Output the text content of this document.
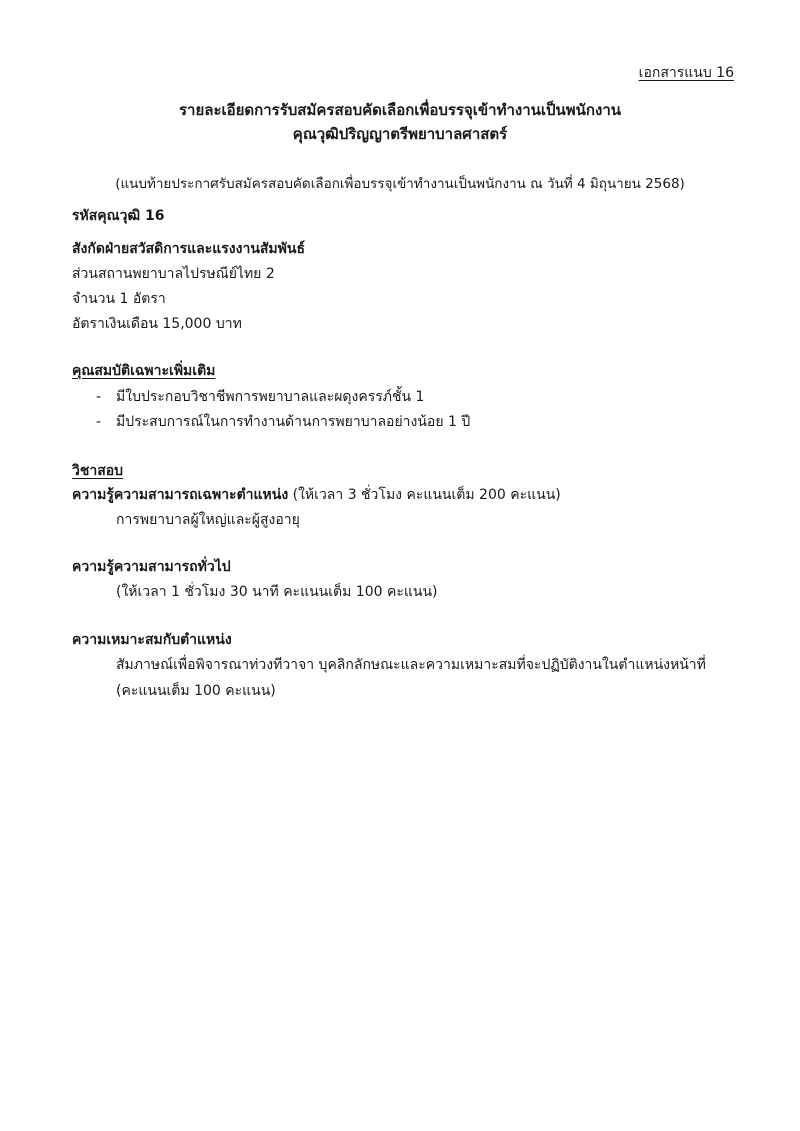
เอกสารแนบ 16
รายละเอียดการรับสมัครสอบคัดเลือกเพื่อบรรจุเข้าทำงานเป็นพนักงาน
คุณวุฒิปริญญาตรีพยาบาลศาสตร์
(แนบท้ายประกาศรับสมัครสอบคัดเลือกเพื่อบรรจุเข้าทำงานเป็นพนักงาน ณ วันที่ 4 มิถุนายน 2568)
รหัสคุณวุฒิ 16
สังกัดฝ่ายสวัสดิการและแรงงานสัมพันธ์
ส่วนสถานพยาบาลไปรษณีย์ไทย 2
จำนวน 1 อัตรา
อัตราเงินเดือน 15,000 บาท
คุณสมบัติเฉพาะเพิ่มเติม
- มีใบประกอบวิชาชีพการพยาบาลและผดุงครรภ์ชั้น 1
- มีประสบการณ์ในการทำงานด้านการพยาบาลอย่างน้อย 1 ปี
วิชาสอบ
ความรู้ความสามารถเฉพาะตำแหน่ง (ให้เวลา 3 ชั่วโมง คะแนนเต็ม 200 คะแนน)
การพยาบาลผู้ใหญ่และผู้สูงอายุ
ความรู้ความสามารถทั่วไป
(ให้เวลา 1 ชั่วโมง 30 นาที คะแนนเต็ม 100 คะแนน)
ความเหมาะสมกับตำแหน่ง
สัมภาษณ์เพื่อพิจารณาท่วงทีวาจา บุคลิกลักษณะและความเหมาะสมที่จะปฏิบัติงานในตำแหน่งหน้าที่
(คะแนนเต็ม 100 คะแนน)
